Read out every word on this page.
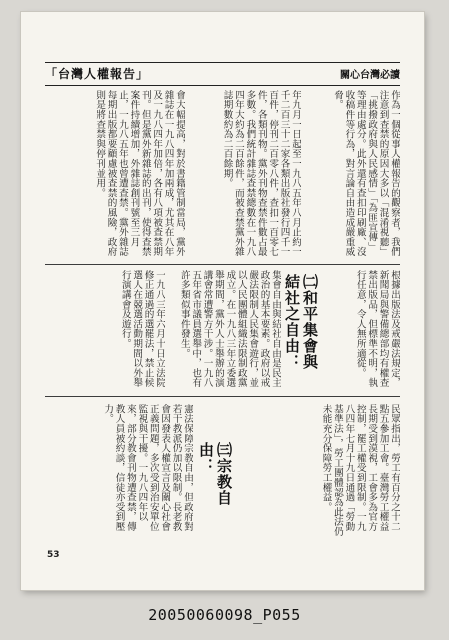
「台灣人權報告」	關心台灣必讀
會大幅提高，對於書籍管制當局，黨外雜誌在一九八四年加兩成，尤其在八年及一九八四年加倍，各有八項被查禁期刊。但是黨外新雜誌的出刊，使得查禁案件持續增加，外雜誌創刊號至三月止，一九八五年也曾遭查禁。黨外雜誌每期出版都要顧慮被查禁的風險，政府則是將查禁與停刊並用。	年九月一日起至一九八五年八月止約一千二百三十二家各類出版社發行四千一百件，停刊二百零八件，查扣一百零七件，各類刊物。黨外刊物查禁件數占最多數。我們統計雜誌查禁總數在一九八四年大約為二百餘件，而被查禁黨外雜誌期數約為二百餘期。	作為一個從事人權報告的觀察者，我們注意到查禁的原因大多以「混淆視聽」「挑撥政府與人民感情」「為匪宣傳」等理由處分。此外還有查扣印刷廠、沒收稿件等行為，對言論自由造成嚴重威脅。
一九八三年六月十日立法院修正通過的選罷法，禁止候選人在競選活動期間以外舉行演講會及遊行。	集會自由與結社自由是民主政治的基本要素。政府以戒嚴法限制人民集會遊行，並以人民團體組織法限制政黨成立。在一九八三年立委選舉期間，黨外人士舉辦的演講會常遭警方干涉。一九八五年省市議員選舉中，也有許多類似事件發生。	㈡和平集會與結社之自由：	根據出版法及戒嚴法規定，新聞局與警備總部均有權查禁出版品，但標準不明，執行任意，令人無所適從。
憲法保障宗教自由，但政府對若干教派仍加以限制。長老教會因發表人權宣言及關心社會正義問題，多次受到治安單位監視與干擾。一九八四年以來，部分教會刊物遭查禁，傳教人員被約談，信徒亦受到壓力。
㈢宗教自由：	民眾指出，勞工有百分之十二點五參加工會。臺灣勞工權益長期受到漠視，工會多為官方控制，罷工權受到限制。一九八四年七月十九日通過「勞動基準法」，勞工團體認為此法仍未能充分保障勞工權益。
53
20050060098_P055
